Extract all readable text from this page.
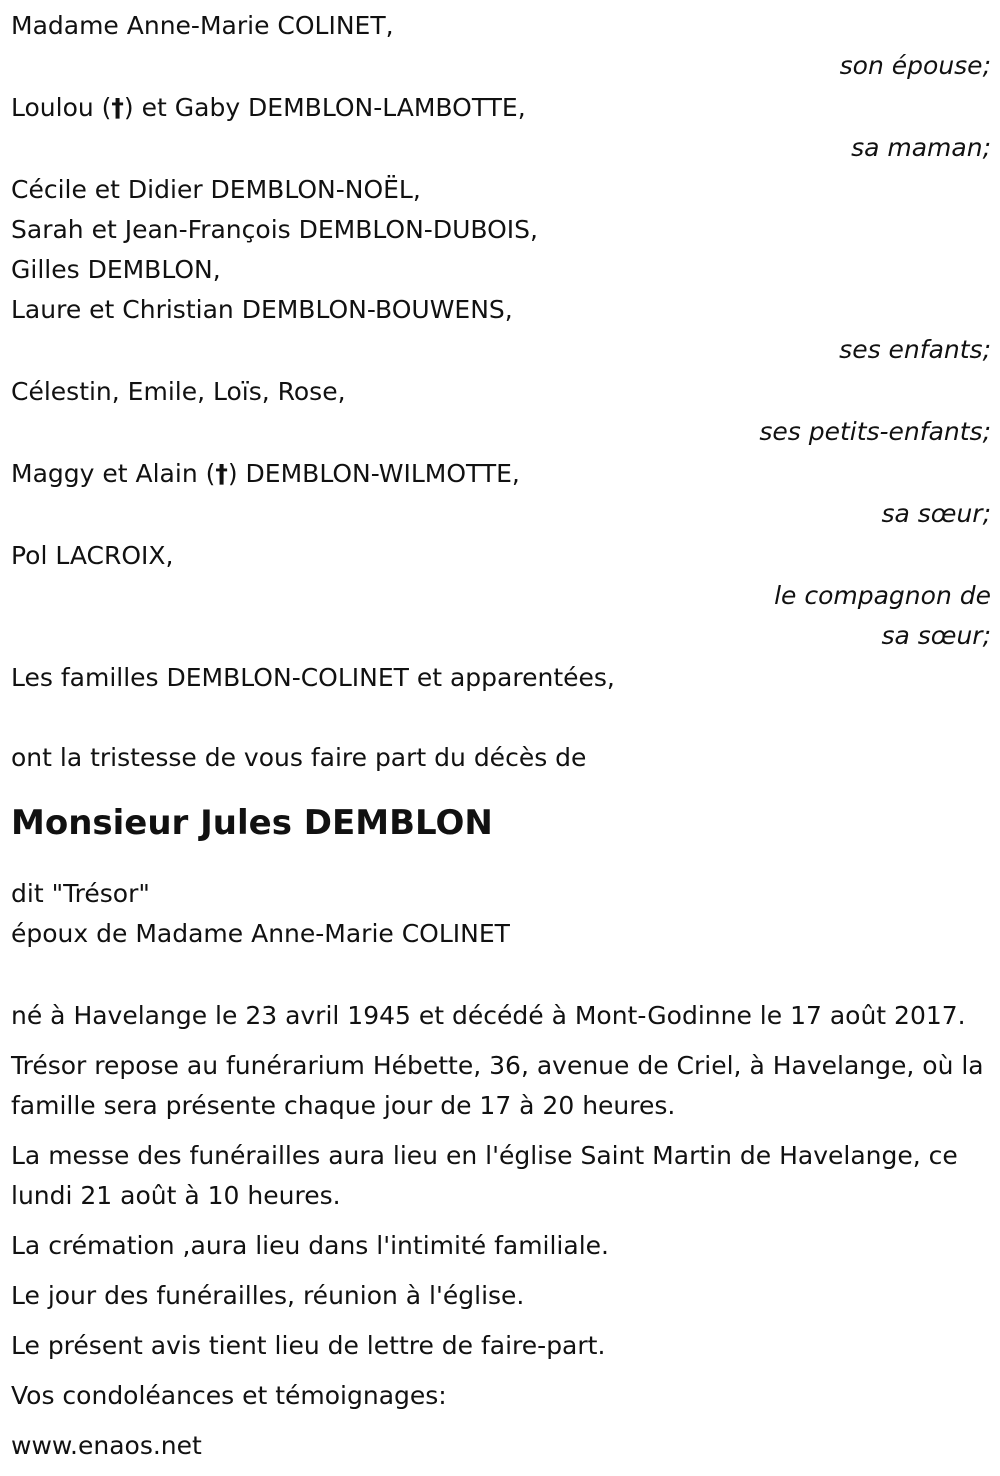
Madame Anne-Marie COLINET,
son épouse;
Loulou (†) et Gaby DEMBLON-LAMBOTTE,
sa maman;
Cécile et Didier DEMBLON-NOËL,
Sarah et Jean-François DEMBLON-DUBOIS,
Gilles DEMBLON,
Laure et Christian DEMBLON-BOUWENS,
ses enfants;
Célestin, Emile, Loïs, Rose,
ses petits-enfants;
Maggy et Alain (†) DEMBLON-WILMOTTE,
sa sœur;
Pol LACROIX,
le compagnon de
sa sœur;
Les familles DEMBLON-COLINET et apparentées,
ont la tristesse de vous faire part du décès de
Monsieur Jules DEMBLON
dit "Trésor"
époux de Madame Anne-Marie COLINET
né à Havelange le 23 avril 1945 et décédé à Mont-Godinne le 17 août 2017.
Trésor repose au funérarium Hébette, 36, avenue de Criel, à Havelange, où la famille sera présente chaque jour de 17 à 20 heures.
La messe des funérailles aura lieu en l'église Saint Martin de Havelange, ce lundi 21 août à 10 heures.
La crémation ,aura lieu dans l'intimité familiale.
Le jour des funérailles, réunion à l'église.
Le présent avis tient lieu de lettre de faire-part.
Vos condoléances et témoignages:
www.enaos.net
